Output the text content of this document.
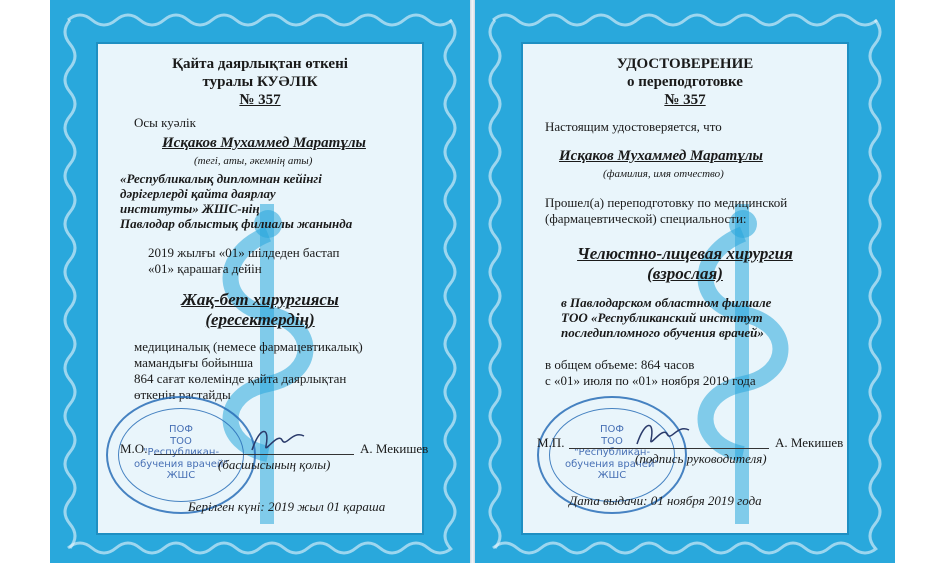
Қайта даярлықтан өткені
туралы КУӘЛІК
№ 357
Осы куәлік
Исқаков Мухаммед Маратұлы
(тегі, аты, әкемнің аты)
«Республикалық дипломнан кейінгі
дәрігерлерді қайта даярлау
институты» ЖШС-нің
Павлодар облыстық филиалы жанында
2019 жылғы «01» шілдеден бастап
«01» қарашаға дейін
Жақ-бет хирургиясы
(ересектердің)
медициналық (немесе фармацевтикалық)
мамандығы бойынша
864 сағат көлемінде қайта даярлықтан
өткенін растайды
ПОФ
ТОО
"Республикан-
обучения врачей"
ЖШС
М.О.	А. Мекишев
(басшысының қолы)
Берілген күні: 2019 жыл 01 қараша
УДОСТОВЕРЕНИЕ
о переподготовке
№ 357
Настоящим удостоверяется, что
Исқаков Мухаммед Маратұлы
(фамилия, имя отчество)
Прошел(а) переподготовку по медицинской
(фармацевтической) специальности:
Челюстно-лицевая хирургия
(взрослая)
в Павлодарском областном филиале
ТОО «Республиканский институт
последипломного обучения врачей»
в общем объеме: 864 часов
с «01» июля по «01» ноября 2019 года
ПОФ
ТОО
"Республикан-
обучения врачей"
ЖШС
М.П.	А. Мекишев
(подпись руководителя)
Дата выдачи: 01 ноября 2019 года
